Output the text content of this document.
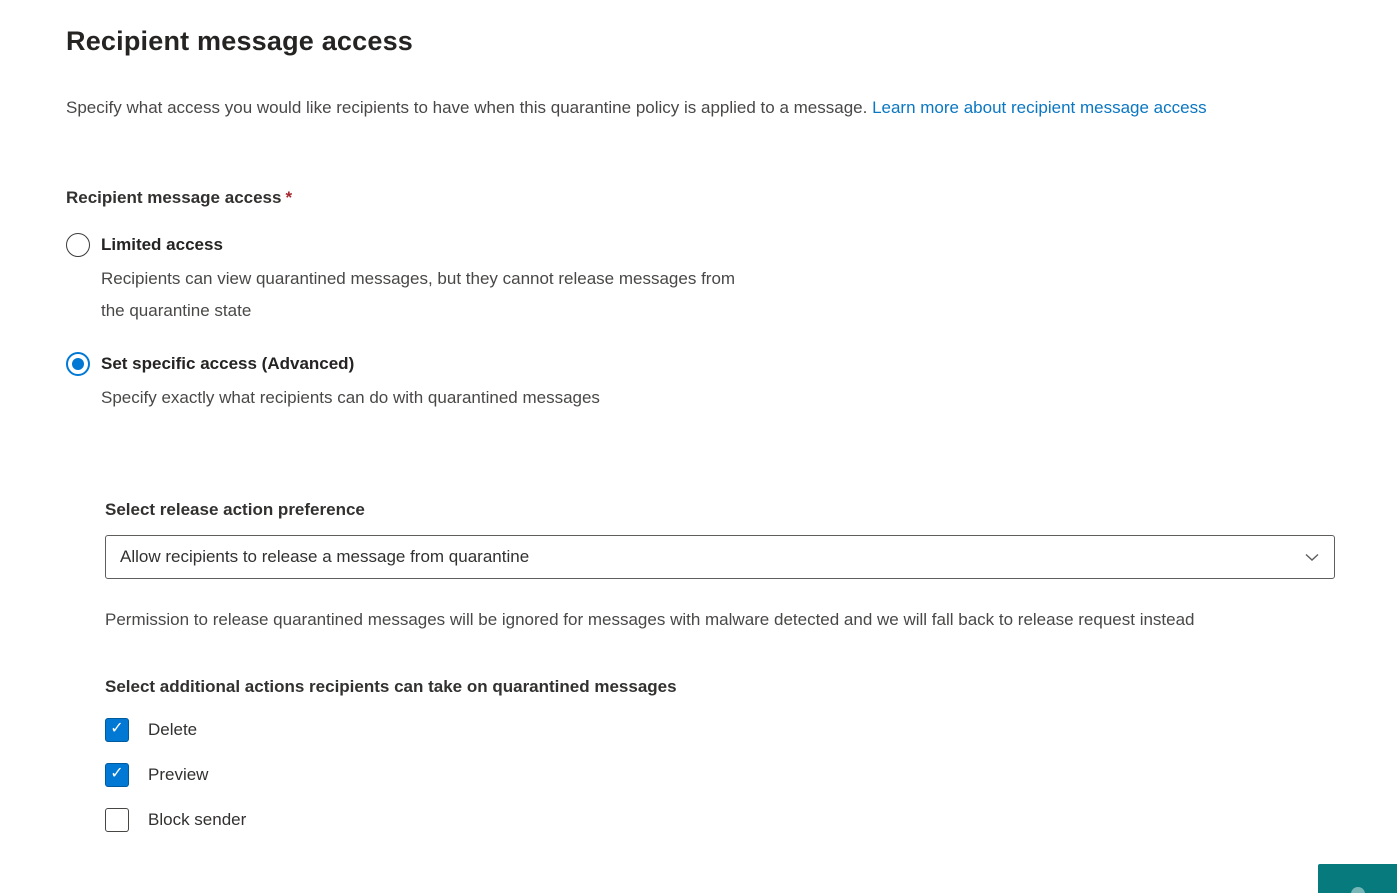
Recipient message access

Specify what access you would like recipients to have when this quarantine policy is applied to a message. Learn more about recipient message access

Recipient message access *
Limited access
Recipients can view quarantined messages, but they cannot release messages from the quarantine state
Set specific access (Advanced)
Specify exactly what recipients can do with quarantined messages
Select release action preference
Allow recipients to release a message from quarantine

Permission to release quarantined messages will be ignored for messages with malware detected and we will fall back to release request instead

Select additional actions recipients can take on quarantined messages
✓ Delete
✓ Preview
Block sender
